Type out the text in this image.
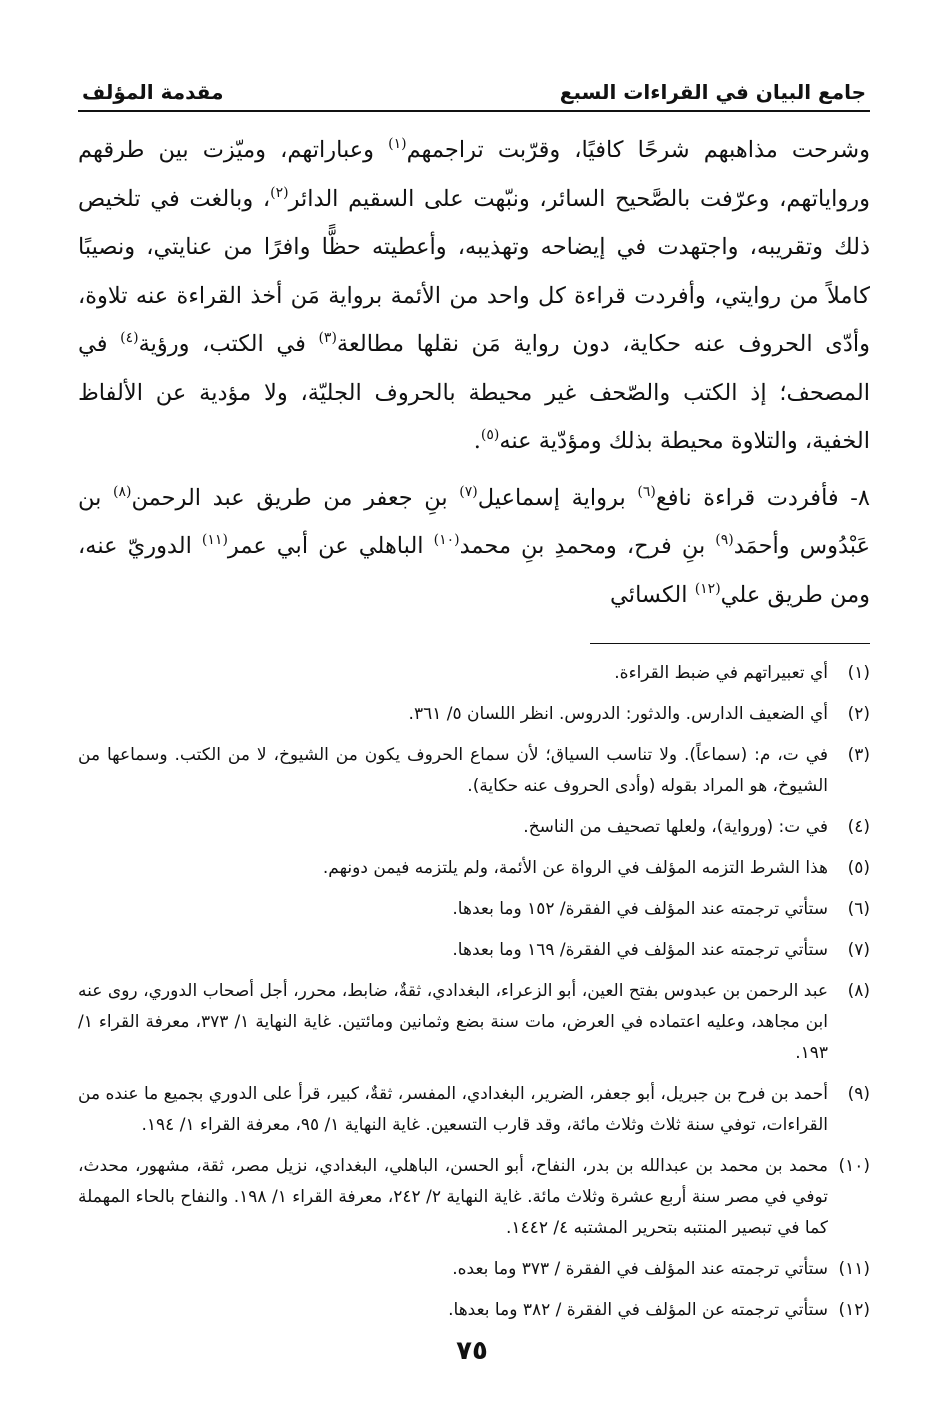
جامع البيان في القراءات السبع
مقدمة المؤلف

وشرحت مذاهبهم شرحًا كافيًا، وقرّبت تراجمهم$^{(١)}$ وعباراتهم، وميّزت بين طرقهم ورواياتهم، وعرّفت بالصَّحيح السائر، ونبّهت على السقيم الدائر$^{(٢)}$، وبالغت في تلخيص ذلك وتقريبه، واجتهدت في إيضاحه وتهذيبه، وأعطيته حظًّا وافرًا من عنايتي، ونصيبًا كاملاً من روايتي، وأفردت قراءة كل واحد من الأئمة برواية مَن أخذ القراءة عنه تلاوة، وأدّى الحروف عنه حكاية، دون رواية مَن نقلها مطالعة$^{(٣)}$ في الكتب، ورؤية$^{(٤)}$ في المصحف؛ إذ الكتب والصّحف غير محيطة بالحروف الجليّة، ولا مؤدية عن الألفاظ الخفية، والتلاوة محيطة بذلك ومؤدّية عنه$^{(٥)}$.

٨- فأفردت قراءة نافع$^{(٦)}$ برواية إسماعيل$^{(٧)}$ بنِ جعفر من طريق عبد الرحمن$^{(٨)}$ بن عَبْدُوس وأحمَد$^{(٩)}$ بنِ فرح، ومحمدِ بنِ محمد$^{(١٠)}$ الباهلي عن أبي عمر$^{(١١)}$ الدوريّ عنه، ومن طريق علي$^{(١٢)}$ الكسائي

(١)
أي تعبيراتهم في ضبط القراءة.
(٢)
أي الضعيف الدارس. والدثور: الدروس. انظر اللسان ٥/ ٣٦١.
(٣)
في ت، م: (سماعاً). ولا تناسب السياق؛ لأن سماع الحروف يكون من الشيوخ، لا من الكتب. وسماعها من الشيوخ، هو المراد بقوله (وأدى الحروف عنه حكاية).
(٤)
في ت: (ورواية)، ولعلها تصحيف من الناسخ.
(٥)
هذا الشرط التزمه المؤلف في الرواة عن الأئمة، ولم يلتزمه فيمن دونهم.
(٦)
ستأتي ترجمته عند المؤلف في الفقرة/ ١٥٢ وما بعدها.
(٧)
ستأتي ترجمته عند المؤلف في الفقرة/ ١٦٩ وما بعدها.
(٨)
عبد الرحمن بن عبدوس بفتح العين، أبو الزعراء، البغدادي، ثقةٌ، ضابط، محرر، أجل أصحاب الدوري، روى عنه ابن مجاهد، وعليه اعتماده في العرض، مات سنة بضع وثمانين ومائتين. غاية النهاية ١/ ٣٧٣، معرفة القراء ١/ ١٩٣.
(٩)
أحمد بن فرح بن جبريل، أبو جعفر، الضرير، البغدادي، المفسر، ثقةٌ، كبير، قرأ على الدوري بجميع ما عنده من القراءات، توفي سنة ثلاث وثلاث مائة، وقد قارب التسعين. غاية النهاية ١/ ٩٥، معرفة القراء ١/ ١٩٤.
(١٠)
محمد بن محمد بن عبدالله بن بدر، النفاح، أبو الحسن، الباهلي، البغدادي، نزيل مصر، ثقة، مشهور، محدث، توفي في مصر سنة أربع عشرة وثلاث مائة. غاية النهاية ٢/ ٢٤٢، معرفة القراء ١/ ١٩٨. والنفاح بالحاء المهملة كما في تبصير المنتبه بتحرير المشتبه ٤/ ١٤٤٢.
(١١)
ستأتي ترجمته عند المؤلف في الفقرة / ٣٧٣ وما بعده.
(١٢)
ستأتي ترجمته عن المؤلف في الفقرة / ٣٨٢ وما بعدها.
٧٥
